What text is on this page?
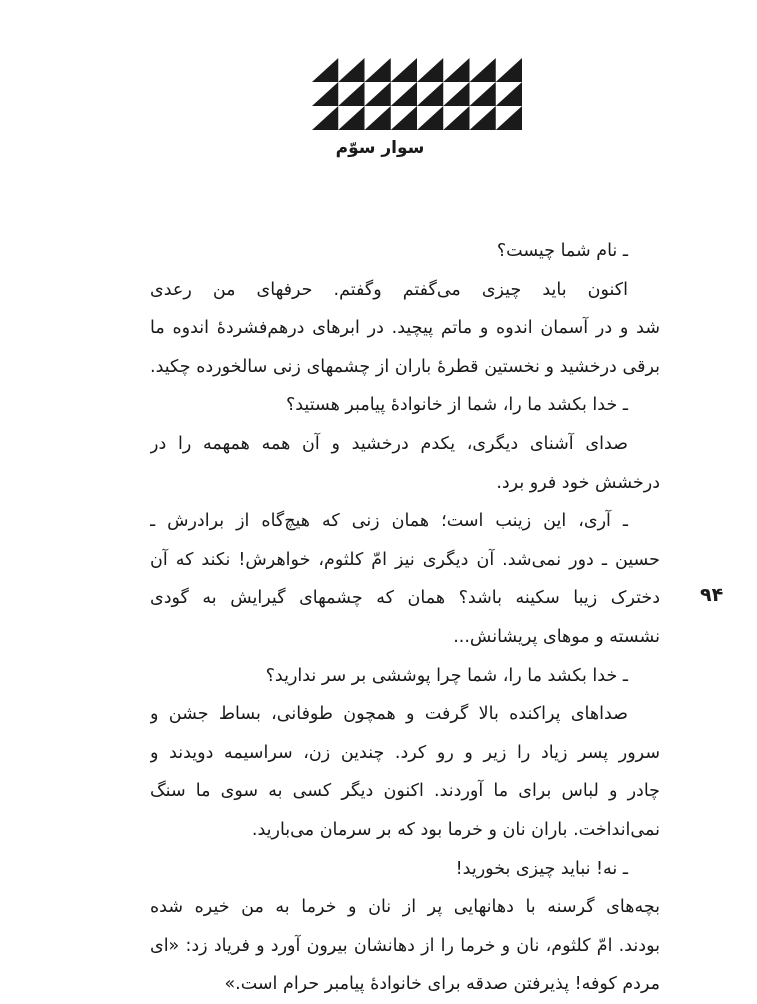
سوار سوّم
۹۴
ـ نام شما چیست؟
اکنون باید چیزی می‌گفتم وگفتم. حرفهای من رعدی
شد و در آسمان اندوه و ماتم پیچید. در ابرهای درهم‌فشردهٔ اندوه ما
برقی درخشید و نخستین قطرهٔ باران از چشمهای زنی سالخورده چکید.
ـ خدا بکشد ما را، شما از خانوادهٔ پیامبر هستید؟
صدای آشنای دیگری، یکدم درخشید و آن همه همهمه را در
درخشش خود فرو برد.
ـ آری، این زینب است؛ همان زنی که هیچ‌گاه از برادرش ـ
حسین ـ دور نمی‌شد. آن دیگری نیز امّ کلثوم، خواهرش! نکند که آن
دخترک زیبا سکینه باشد؟ همان که چشمهای گیرایش به گودی
نشسته و موهای پریشانش...
ـ خدا بکشد ما را، شما چرا پوششی بر سر ندارید؟
صداهای پراکنده بالا گرفت و همچون طوفانی، بساط جشن و
سرور پسر زیاد را زیر و رو کرد. چندین زن، سراسیمه دویدند و
چادر و لباس برای ما آوردند. اکنون دیگر کسی به سوی ما سنگ
نمی‌انداخت. باران نان و خرما بود که بر سرمان می‌بارید.
ـ نه! نباید چیزی بخورید!
بچه‌های گرسنه با دهانهایی پر از نان و خرما به من خیره شده
بودند. امّ کلثوم، نان و خرما را از دهانشان بیرون آورد و فریاد زد: «ای
مردم کوفه! پذیرفتن صدقه برای خانوادهٔ پیامبر حرام است.»
